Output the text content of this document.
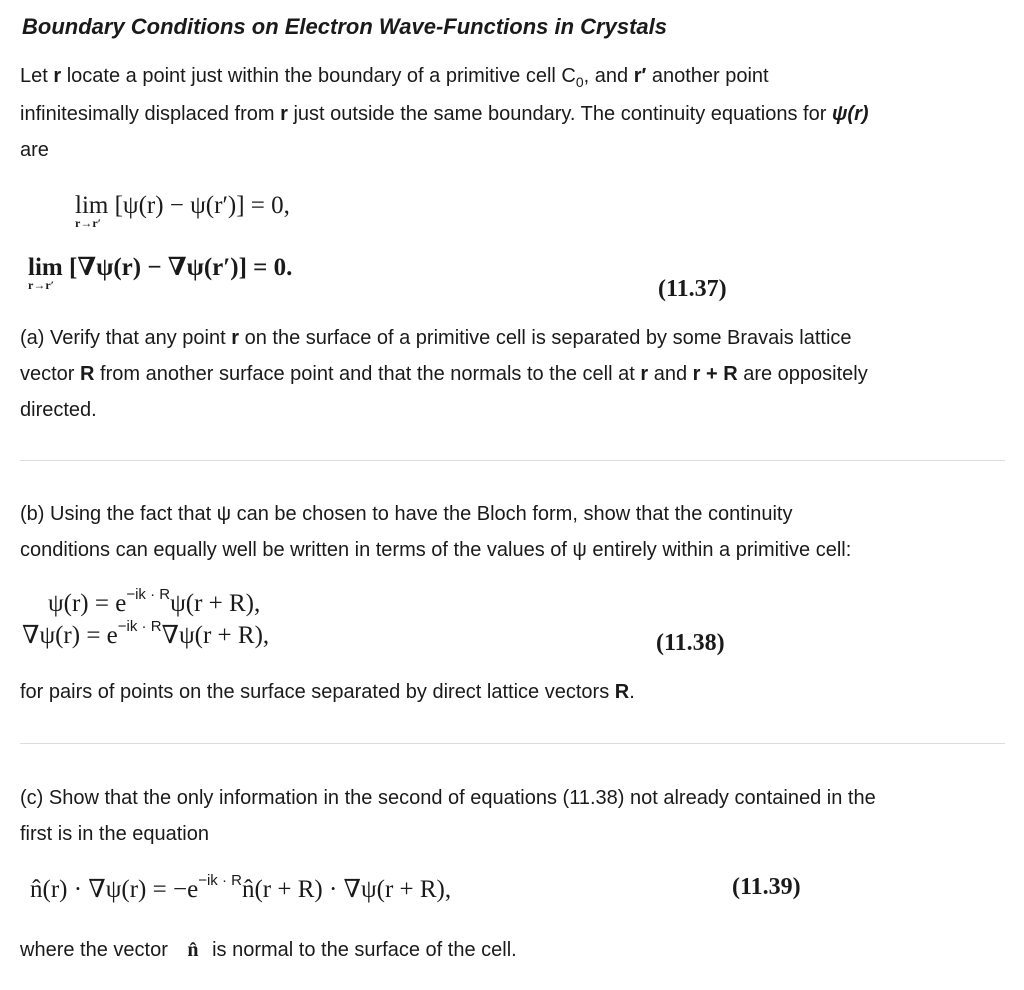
Boundary Conditions on Electron Wave-Functions in Crystals
Let r locate a point just within the boundary of a primitive cell $C_0$, and r′ another point
infinitesimally displaced from r just outside the same boundary. The continuity equations for ψ(r)
are
lim
r→r′
[ψ(r) − ψ(r′)] = 0,
lim
r→r′
[∇ψ(r) − ∇ψ(r′)] = 0.
(11.37)
(a) Verify that any point r on the surface of a primitive cell is separated by some Bravais lattice
vector R from another surface point and that the normals to the cell at r and r + R are oppositely
directed.
(b) Using the fact that ψ can be chosen to have the Bloch form, show that the continuity
conditions can equally well be written in terms of the values of ψ entirely within a primitive cell:
$\psi(r) = e^{-ik \cdot R}\psi(r + R)$,
$\nabla\psi(r) = e^{-ik \cdot R}\nabla\psi(r + R)$,	(11.38)
for pairs of points on the surface separated by direct lattice vectors R.
(c) Show that the only information in the second of equations (11.38) not already contained in the
first is in the equation
n̂(r) · $\nabla\psi(r) = -e^{-ik \cdot R}n̂(r + R) \cdot \nabla\psi(r + R)$,	(11.39)
where the vector n̂ is normal to the surface of the cell.
